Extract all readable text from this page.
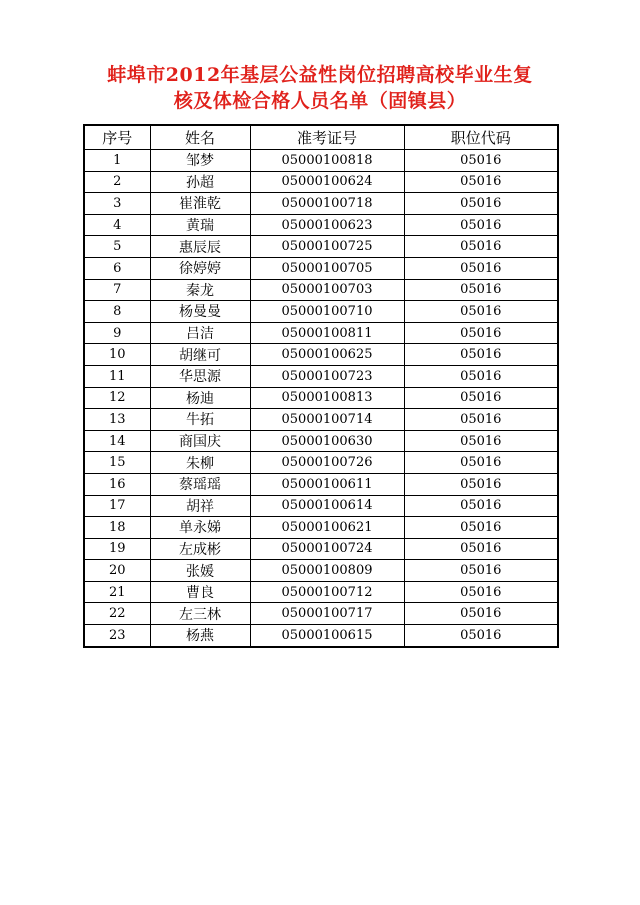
蚌埠市2012年基层公益性岗位招聘高校毕业生复
核及体检合格人员名单（固镇县）
序号	姓名	准考证号	职位代码
1	邹梦	05000100818	05016
2	孙超	05000100624	05016
3	崔淮乾	05000100718	05016
4	黄瑞	05000100623	05016
5	惠辰辰	05000100725	05016
6	徐婷婷	05000100705	05016
7	秦龙	05000100703	05016
8	杨曼曼	05000100710	05016
9	吕洁	05000100811	05016
10	胡继可	05000100625	05016
11	华思源	05000100723	05016
12	杨迪	05000100813	05016
13	牛拓	05000100714	05016
14	商国庆	05000100630	05016
15	朱柳	05000100726	05016
16	蔡瑶瑶	05000100611	05016
17	胡祥	05000100614	05016
18	单永娣	05000100621	05016
19	左成彬	05000100724	05016
20	张媛	05000100809	05016
21	曹良	05000100712	05016
22	左三林	05000100717	05016
23	杨燕	05000100615	05016
